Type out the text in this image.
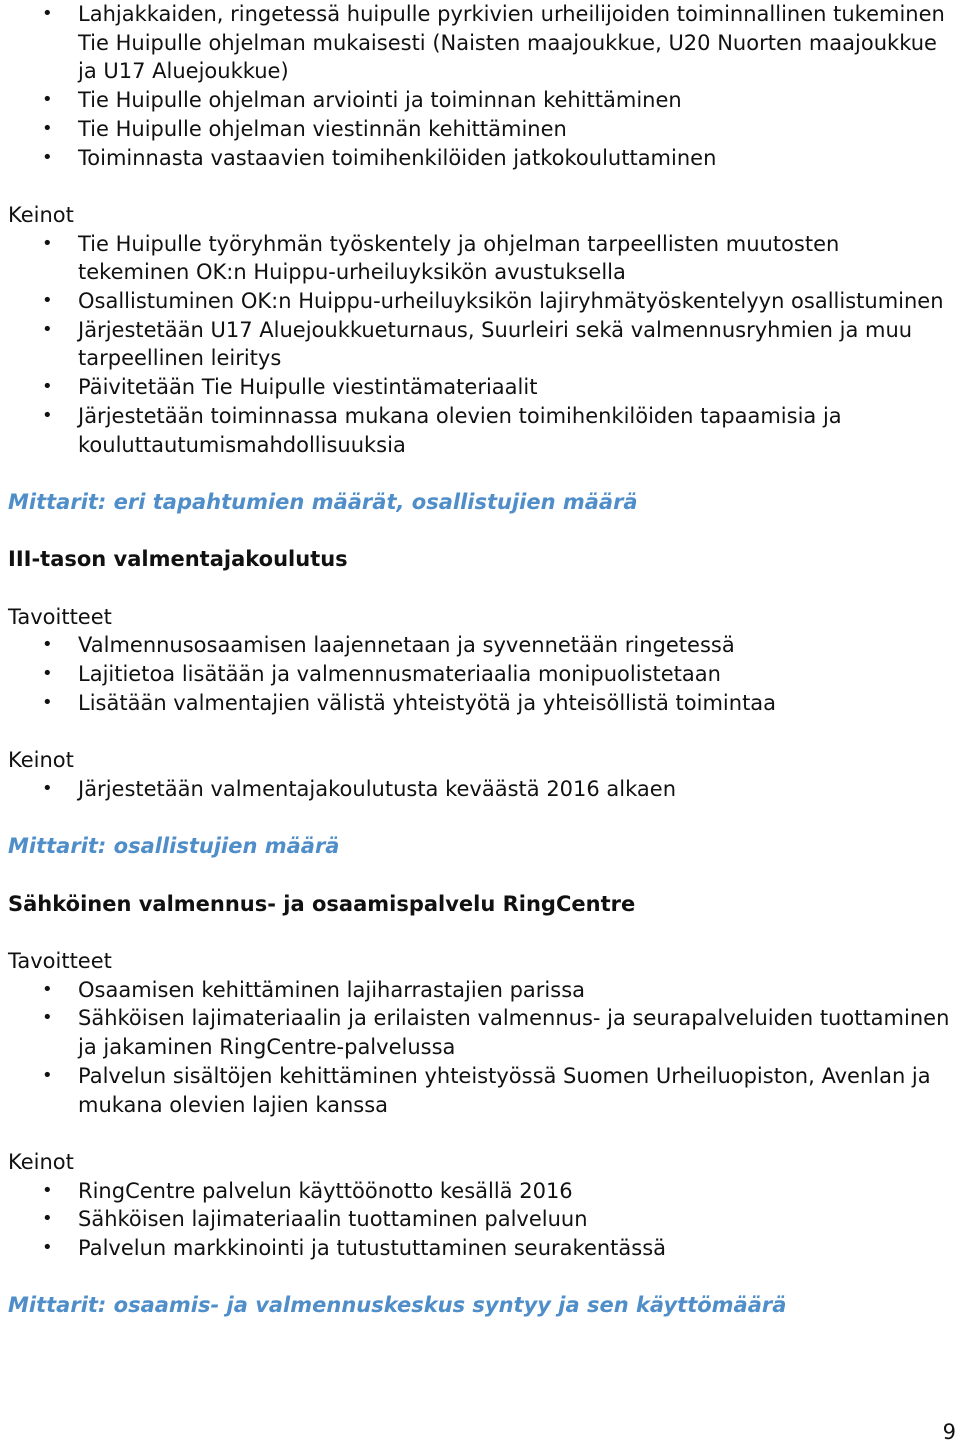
• Lahjakkaiden, ringetessä huipulle pyrkivien urheilijoiden toiminnallinen tukeminen Tie Huipulle ohjelman mukaisesti (Naisten maajoukkue, U20 Nuorten maajoukkue ja U17 Aluejoukkue)
• Tie Huipulle ohjelman arviointi ja toiminnan kehittäminen
• Tie Huipulle ohjelman viestinnän kehittäminen
• Toiminnasta vastaavien toimihenkilöiden jatkokouluttaminen
Keinot
• Tie Huipulle työryhmän työskentely ja ohjelman tarpeellisten muutosten tekeminen OK:n Huippu-urheiluyksikön avustuksella
• Osallistuminen OK:n Huippu-urheiluyksikön lajiryhmätyöskentelyyn osallistuminen
• Järjestetään U17 Aluejoukkueturnaus, Suurleiri sekä valmennusryhmien ja muu tarpeellinen leiritys
• Päivitetään Tie Huipulle viestintämateriaalit
• Järjestetään toiminnassa mukana olevien toimihenkilöiden tapaamisia ja kouluttautumismahdollisuuksia
Mittarit: eri tapahtumien määrät, osallistujien määrä
III-tason valmentajakoulutus
Tavoitteet
• Valmennusosaamisen laajennetaan ja syvennetään ringetessä
• Lajitietoa lisätään ja valmennusmateriaalia monipuolistetaan
• Lisätään valmentajien välistä yhteistyötä ja yhteisöllistä toimintaa
Keinot
• Järjestetään valmentajakoulutusta keväästä 2016 alkaen
Mittarit: osallistujien määrä
Sähköinen valmennus- ja osaamispalvelu RingCentre
Tavoitteet
• Osaamisen kehittäminen lajiharrastajien parissa
• Sähköisen lajimateriaalin ja erilaisten valmennus- ja seurapalveluiden tuottaminen ja jakaminen RingCentre-palvelussa
• Palvelun sisältöjen kehittäminen yhteistyössä Suomen Urheiluopiston, Avenlan ja mukana olevien lajien kanssa
Keinot
• RingCentre palvelun käyttöönotto kesällä 2016
• Sähköisen lajimateriaalin tuottaminen palveluun
• Palvelun markkinointi ja tutustuttaminen seurakentässä
Mittarit: osaamis- ja valmennuskeskus syntyy ja sen käyttömäärä
9
